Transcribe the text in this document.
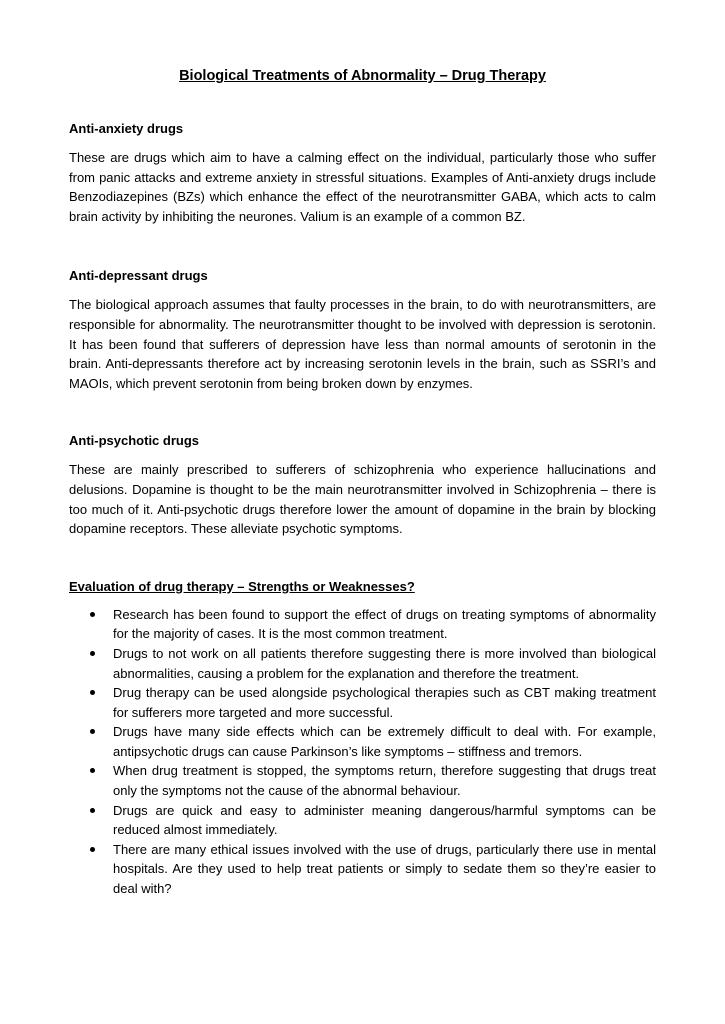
Biological Treatments of Abnormality – Drug Therapy
Anti-anxiety drugs

These are drugs which aim to have a calming effect on the individual, particularly those who suffer from panic attacks and extreme anxiety in stressful situations. Examples of Anti-anxiety drugs include Benzodiazepines (BZs) which enhance the effect of the neurotransmitter GABA, which acts to calm brain activity by inhibiting the neurones. Valium is an example of a common BZ.

Anti-depressant drugs

The biological approach assumes that faulty processes in the brain, to do with neurotransmitters, are responsible for abnormality. The neurotransmitter thought to be involved with depression is serotonin. It has been found that sufferers of depression have less than normal amounts of serotonin in the brain. Anti-depressants therefore act by increasing serotonin levels in the brain, such as SSRI’s and MAOIs, which prevent serotonin from being broken down by enzymes.

Anti-psychotic drugs

These are mainly prescribed to sufferers of schizophrenia who experience hallucinations and delusions. Dopamine is thought to be the main neurotransmitter involved in Schizophrenia – there is too much of it. Anti-psychotic drugs therefore lower the amount of dopamine in the brain by blocking dopamine receptors. These alleviate psychotic symptoms.

Evaluation of drug therapy – Strengths or Weaknesses?
Research has been found to support the effect of drugs on treating symptoms of abnormality for the majority of cases. It is the most common treatment.
Drugs to not work on all patients therefore suggesting there is more involved than biological abnormalities, causing a problem for the explanation and therefore the treatment.
Drug therapy can be used alongside psychological therapies such as CBT making treatment for sufferers more targeted and more successful.
Drugs have many side effects which can be extremely difficult to deal with. For example, antipsychotic drugs can cause Parkinson’s like symptoms – stiffness and tremors.
When drug treatment is stopped, the symptoms return, therefore suggesting that drugs treat only the symptoms not the cause of the abnormal behaviour.
Drugs are quick and easy to administer meaning dangerous/harmful symptoms can be reduced almost immediately.
There are many ethical issues involved with the use of drugs, particularly there use in mental hospitals. Are they used to help treat patients or simply to sedate them so they’re easier to deal with?
